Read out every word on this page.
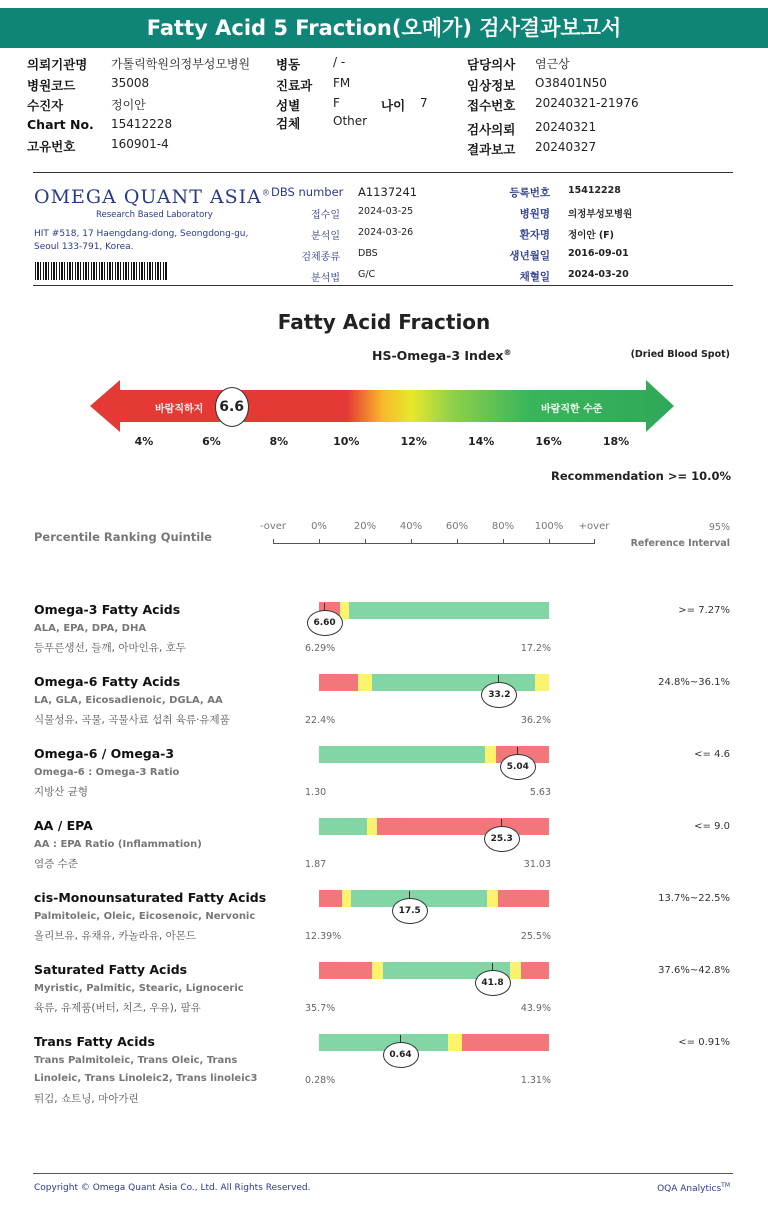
Fatty Acid 5 Fraction(오메가) 검사결과보고서
의뢰기관명 가톨릭학원의정부성모병원
병원코드	35008
수진자	정이안
Chart No. 15412228
고유번호	160901-4
병동	/ -
진료과 FM
성별	F
검체	Other
담당의사 염근상
임상정보 O38401N50
접수번호 20240321-21976
검사의뢰 20240321
결과보고 20240327
나이 7
OMEGA QUANT ASIA®
Research Based Laboratory
HIT #518, 17 Haengdang-dong, Seongdong-gu,
Seoul 133-791, Korea.
DBS number A1137241
접수일 2024-03-25
분석일 2024-03-26
검체종류 DBS
분석법 G/C
등록번호 15412228
병원명 의정부성모병원
환자명 정이안 (F)
생년월일 2016-09-01
채혈일 2024-03-20
Fatty Acid Fraction
HS-Omega-3 Index®	(Dried Blood Spot)
바람직하지	바람직한 수준
6.6
4%	6%	8%	10%	12%	14%	16%	18%
Recommendation >= 10.0%
Percentile Ranking Quintile
-over	0%	20%	40%	60%	80%	100%	+over	95%
Reference Interval
Omega-3 Fatty Acids
ALA, EPA, DPA, DHA
등푸른생선, 들깨, 아마인유, 호두
6.60
6.29%	17.2%
>= 7.27%
Omega-6 Fatty Acids
LA, GLA, Eicosadienoic, DGLA, AA
식물성유, 곡물, 곡물사료 섭취 육류·유제품
33.2
22.4%	36.2%
24.8%~36.1%
Omega-6 / Omega-3
Omega-6 : Omega-3 Ratio
지방산 균형
5.04
1.30	5.63
<= 4.6
AA / EPA
AA : EPA Ratio (Inflammation)
염증 수준
25.3
1.87	31.03
<= 9.0
cis-Monounsaturated Fatty Acids
Palmitoleic, Oleic, Eicosenoic, Nervonic
올리브유, 유채유, 카놀라유, 아몬드
17.5
12.39%	25.5%
13.7%~22.5%
Saturated Fatty Acids
Myristic, Palmitic, Stearic, Lignoceric
육류, 유제품(버터, 치즈, 우유), 팜유
41.8
35.7%	43.9%
37.6%~42.8%
Trans Fatty Acids
Trans Palmitoleic, Trans Oleic, Trans
Linoleic, Trans Linoleic2, Trans linoleic3
튀김, 쇼트닝, 마아가린
0.64
0.28%	1.31%
<= 0.91%
Copyright © Omega Quant Asia Co., Ltd. All Rights Reserved.	OQA Analytics™
